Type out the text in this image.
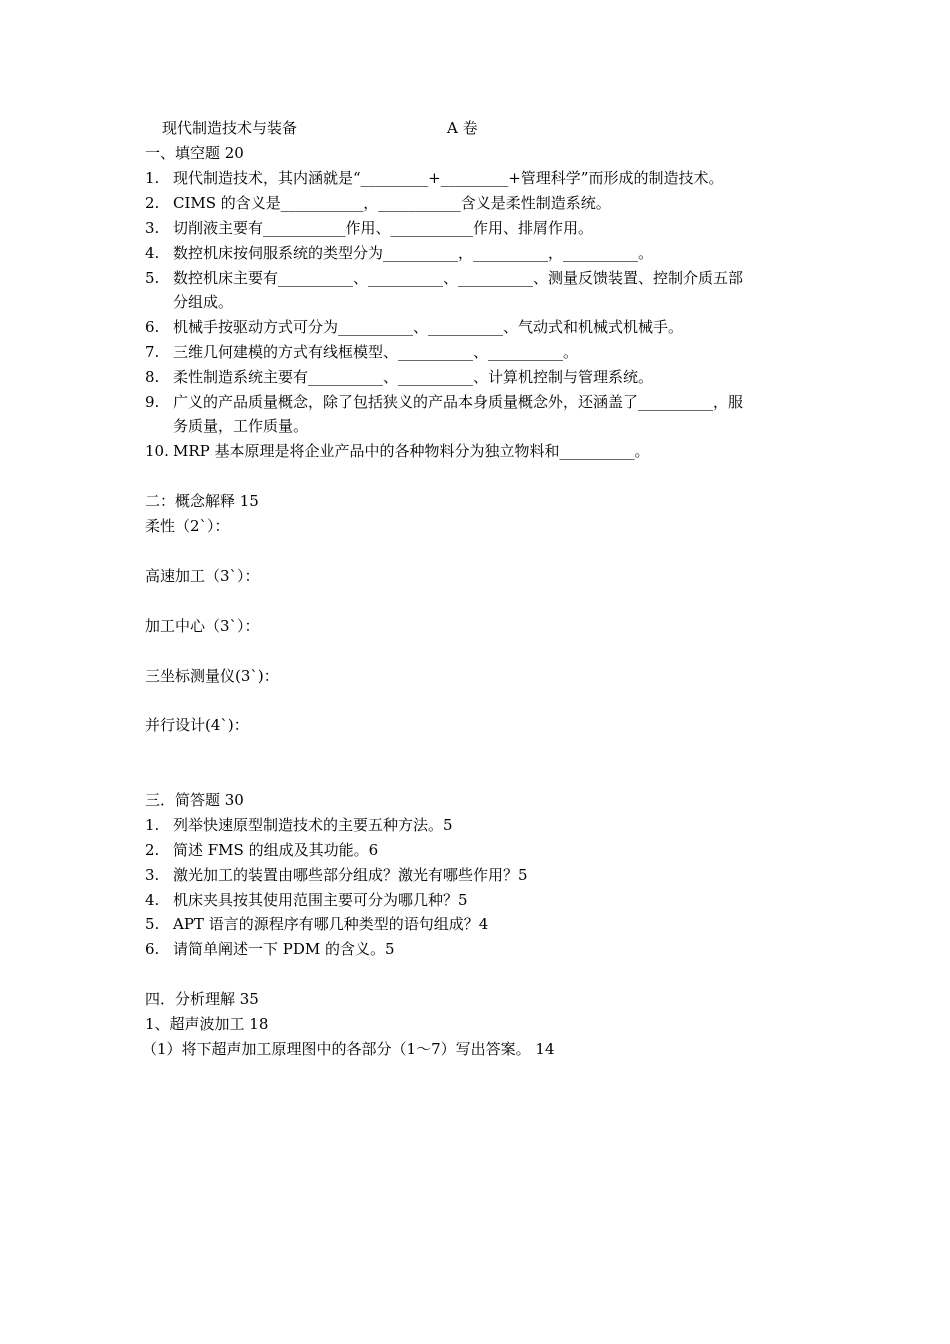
现代制造技术与装备	A 卷
一、填空题 20
1. 现代制造技术，其内涵就是“_________+_________+管理科学”而形成的制造技术。
2. CIMS 的含义是___________，___________含义是柔性制造系统。
3. 切削液主要有___________作用、___________作用、排屑作用。
4. 数控机床按伺服系统的类型分为__________，__________，__________。
5. 数控机床主要有__________、__________、__________、测量反馈装置、控制介质五部
分组成。
6. 机械手按驱动方式可分为__________、__________、气动式和机械式机械手。
7. 三维几何建模的方式有线框模型、__________、__________。
8. 柔性制造系统主要有__________、__________、计算机控制与管理系统。
9. 广义的产品质量概念，除了包括狭义的产品本身质量概念外，还涵盖了__________，服
务质量，工作质量。
10. MRP 基本原理是将企业产品中的各种物料分为独立物料和__________。
二：概念解释 15
柔性（2`）：
高速加工（3`）：
加工中心（3`）：
三坐标测量仪(3`)：
并行设计(4`)：
三．简答题 30
1. 列举快速原型制造技术的主要五种方法。5
2. 简述 FMS 的组成及其功能。6
3. 激光加工的装置由哪些部分组成？激光有哪些作用？5
4. 机床夹具按其使用范围主要可分为哪几种？5
5. APT 语言的源程序有哪几种类型的语句组成？4
6. 请简单阐述一下 PDM 的含义。5
四．分析理解 35
1、超声波加工 18
（1）将下超声加工原理图中的各部分（1～7）写出答案。 14
